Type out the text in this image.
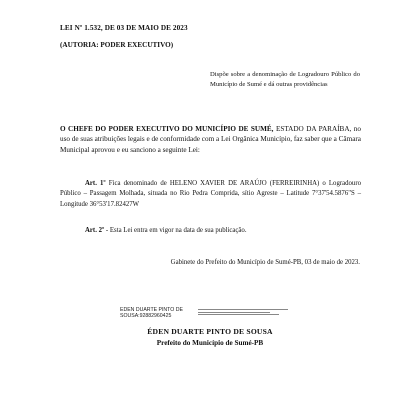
LEI Nº 1.532, DE 03 DE MAIO DE 2023
(AUTORIA: PODER EXECUTIVO)
Dispõe sobre a denominação de Logradouro Público do Município de Sumé e dá outras providências
O CHEFE DO PODER EXECUTIVO DO MUNICÍPIO DE SUMÉ, ESTADO DA PARAÍBA, no uso de suas atribuições legais e de conformidade com a Lei Orgânica Município, faz saber que a Câmara Municipal aprovou e eu sanciono a seguinte Lei:
Art. 1º Fica denominado de HELENO XAVIER DE ARAÚJO (FERREIRINHA) o Logradouro Público – Passagem Molhada, situada no Rio Pedra Comprida, sítio Agreste – Latitude 7°37'54.5876"S – Longitude 36°53'17.82427W
Art. 2º - Esta Lei entra em vigor na data de sua publicação.
Gabinete do Prefeito do Município de Sumé-PB, 03 de maio de 2023.
EDEN DUARTE PINTO DE
SOUSA:92882960425
ÉDEN DUARTE PINTO DE SOUSA
Prefeito do Município de Sumé-PB
